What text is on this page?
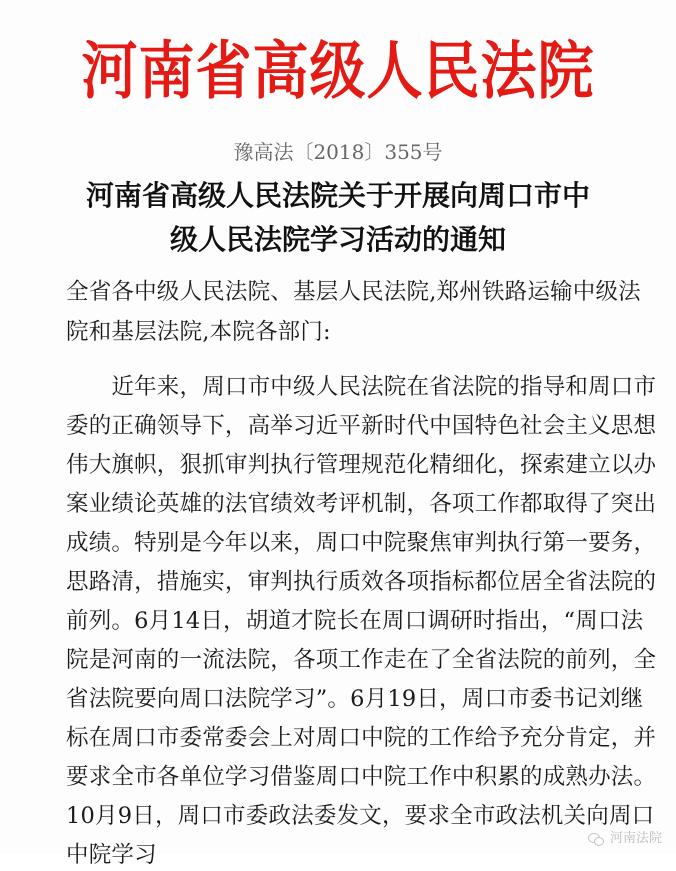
河南省高级人民法院
豫高法〔2018〕355号
河南省高级人民法院关于开展向周口市中
级人民法院学习活动的通知
全省各中级人民法院、基层人民法院,郑州铁路运输中级法
院和基层法院,本院各部门:
　　近年来，周口市中级人民法院在省法院的指导和周口市
委的正确领导下，高举习近平新时代中国特色社会主义思想
伟大旗帜，狠抓审判执行管理规范化精细化，探索建立以办
案业绩论英雄的法官绩效考评机制，各项工作都取得了突出
成绩。特别是今年以来，周口中院聚焦审判执行第一要务，
思路清，措施实，审判执行质效各项指标都位居全省法院的
前列。6月14日，胡道才院长在周口调研时指出，“周口法
院是河南的一流法院，各项工作走在了全省法院的前列，全
省法院要向周口法院学习”。6月19日，周口市委书记刘继
标在周口市委常委会上对周口中院的工作给予充分肯定，并
要求全市各单位学习借鉴周口中院工作中积累的成熟办法。
10月9日，周口市委政法委发文，要求全市政法机关向周口
中院学习
河南法院
